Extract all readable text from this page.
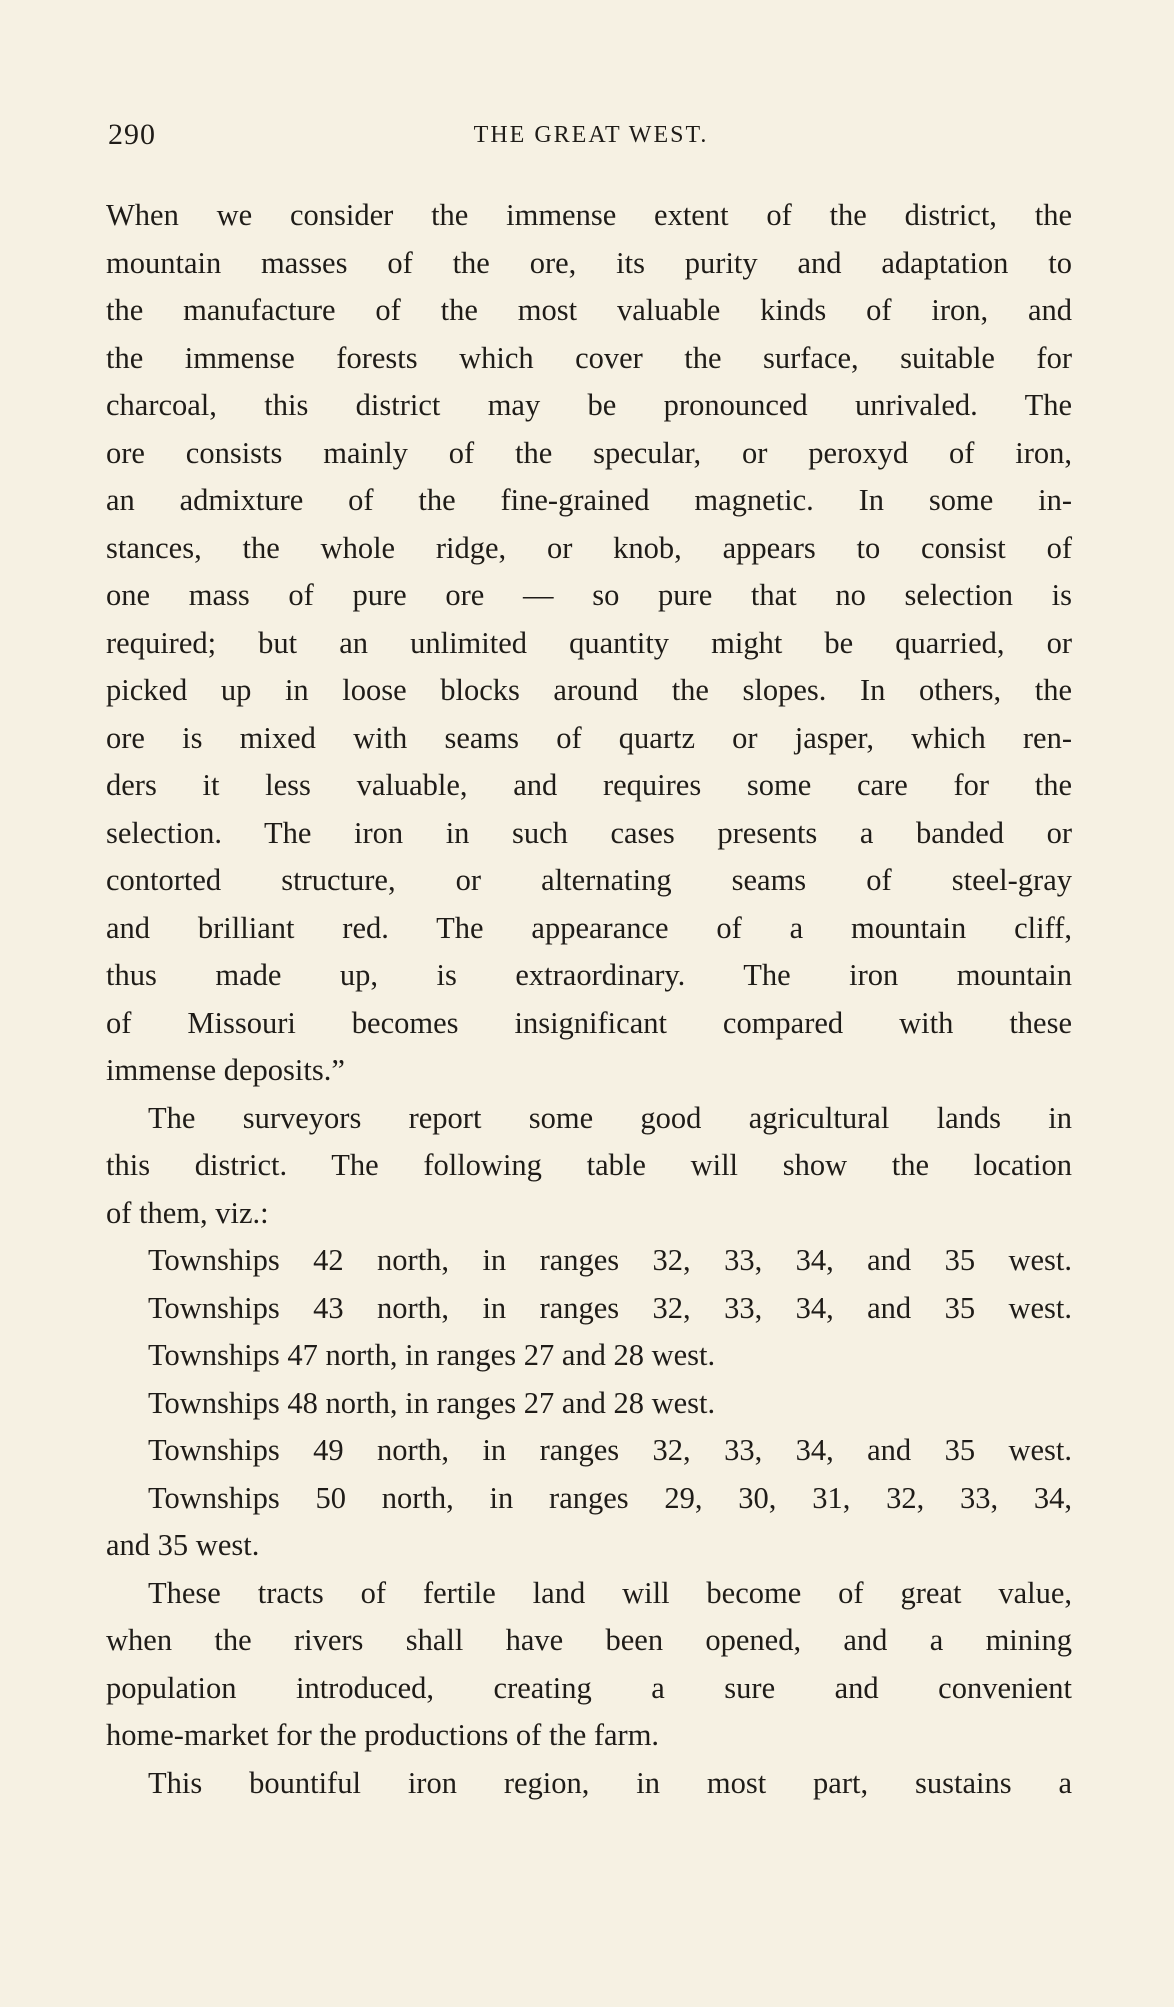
290	THE GREAT WEST.
When we consider the immense extent of the district, the
mountain masses of the ore, its purity and adaptation to
the manufacture of the most valuable kinds of iron, and
the immense forests which cover the surface, suitable for
charcoal, this district may be pronounced unrivaled. The
ore consists mainly of the specular, or peroxyd of iron,
an admixture of the fine-grained magnetic. In some in-
stances, the whole ridge, or knob, appears to consist of
one mass of pure ore — so pure that no selection is
required; but an unlimited quantity might be quarried, or
picked up in loose blocks around the slopes. In others, the
ore is mixed with seams of quartz or jasper, which ren-
ders it less valuable, and requires some care for the
selection. The iron in such cases presents a banded or
contorted structure, or alternating seams of steel-gray
and brilliant red. The appearance of a mountain cliff,
thus made up, is extraordinary. The iron mountain
of Missouri becomes insignificant compared with these
immense deposits.”
The surveyors report some good agricultural lands in
this district. The following table will show the location
of them, viz.:
Townships 42 north, in ranges 32, 33, 34, and 35 west.
Townships 43 north, in ranges 32, 33, 34, and 35 west.
Townships 47 north, in ranges 27 and 28 west.
Townships 48 north, in ranges 27 and 28 west.
Townships 49 north, in ranges 32, 33, 34, and 35 west.
Townships 50 north, in ranges 29, 30, 31, 32, 33, 34,
and 35 west.
These tracts of fertile land will become of great value,
when the rivers shall have been opened, and a mining
population introduced, creating a sure and convenient
home-market for the productions of the farm.
This bountiful iron region, in most part, sustains a
